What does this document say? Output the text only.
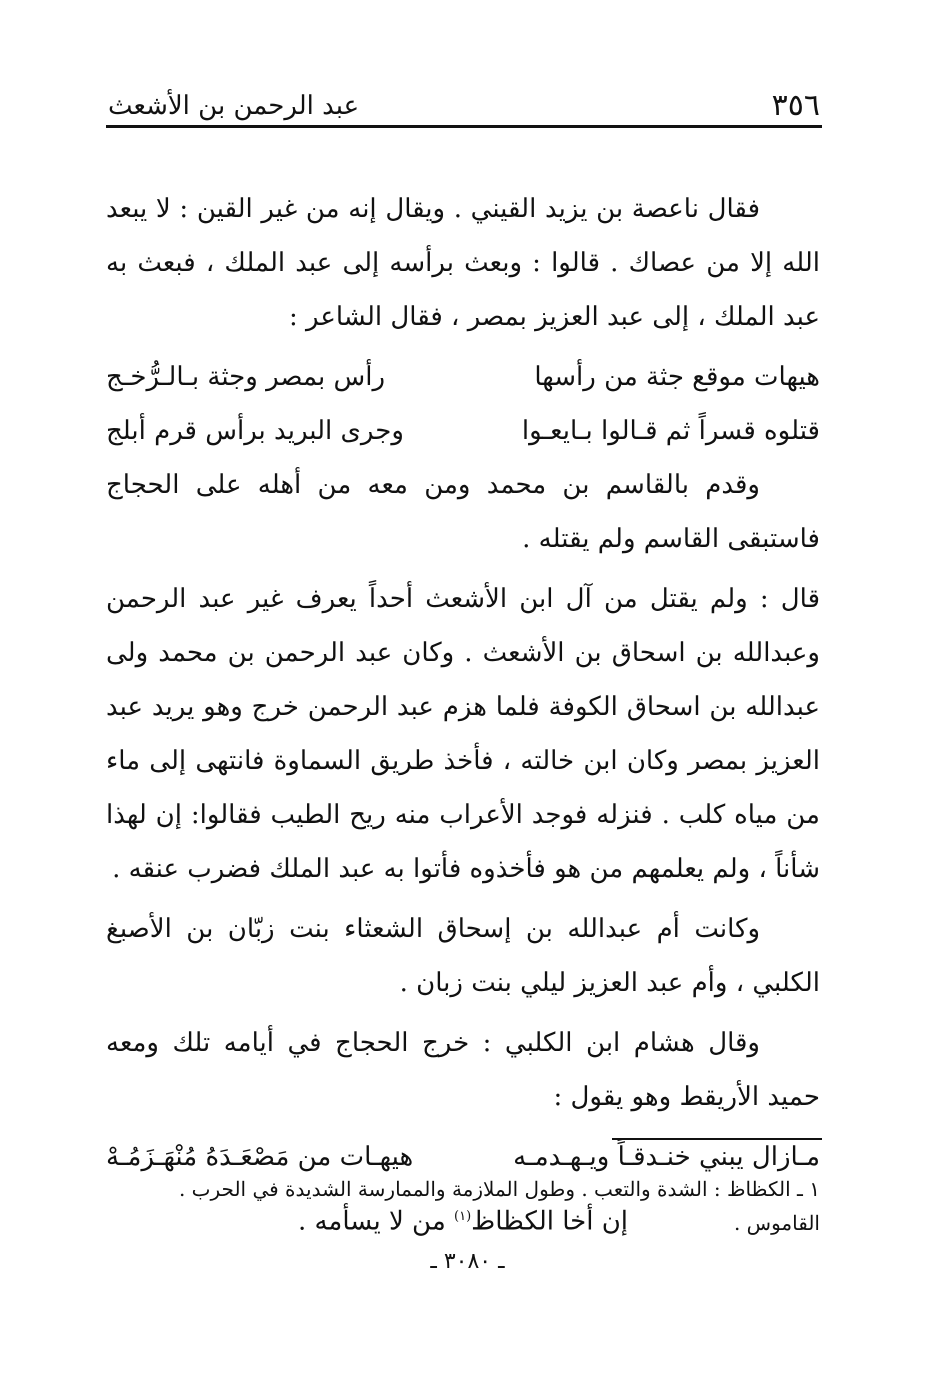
٣٥٦
عبد الرحمن بن الأشعث

فقال ناعصة بن يزيد القيني . ويقال إنه من غير القين : لا يبعد الله إلا من عصاك . قالوا : وبعث برأسه إلى عبد الملك ، فبعث به عبد الملك ، إلى عبد العزيز بمصر ، فقال الشاعر :

هيهات موقع جثة من رأسها
رأس بمصر وجثة بـالـرُّخـج
قتلوه قسراً ثم قـالوا بـايعـوا
وجرى البريد برأس قرم أبلج

وقدم بالقاسم بن محمد ومن معه من أهله على الحجاج فاستبقى القاسم ولم يقتله .

قال : ولم يقتل من آل ابن الأشعث أحداً يعرف غير عبد الرحمن وعبدالله بن اسحاق بن الأشعث . وكان عبد الرحمن بن محمد ولى عبدالله بن اسحاق الكوفة فلما هزم عبد الرحمن خرج وهو يريد عبد العزيز بمصر وكان ابن خالته ، فأخذ طريق السماوة فانتهى إلى ماء من مياه كلب . فنزله فوجد الأعراب منه ريح الطيب فقالوا: إن لهذا شأناً ، ولم يعلمهم من هو فأخذوه فأتوا به عبد الملك فضرب عنقه .

وكانت أم عبدالله بن إسحاق الشعثاء بنت زبّان بن الأصبغ الكلبي ، وأم عبد العزيز ليلي بنت زبان .

وقال هشام ابن الكلبي : خرج الحجاج في أيامه تلك ومعه حميد الأريقط وهو يقول :

مـازال يبني خنـدقـاً ويـهـدمـه
هيهـات من مَصْعَـدَهُ مُنْهَـزَمُـهْ
إن أخا الكظاظ$^{(١)}$ من لا يسأمه .
١ ـ الكظاظ : الشدة والتعب . وطول الملازمة والممارسة الشديدة في الحرب . القاموس .
ـ ٣٠٨٠ ـ
